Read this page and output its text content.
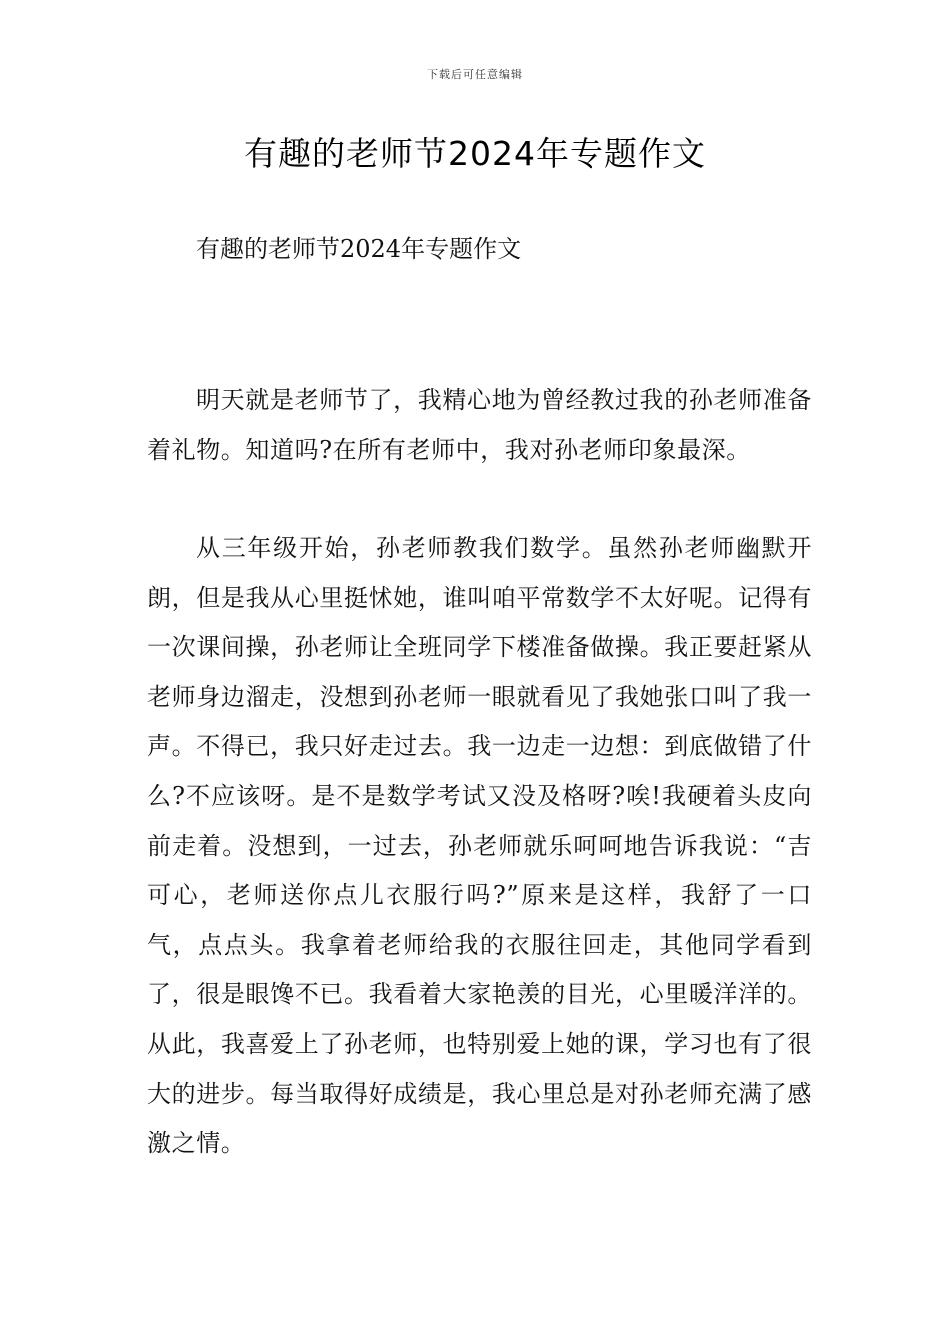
下载后可任意编辑
有趣的老师节2024年专题作文
有趣的老师节2024年专题作文

明天就是老师节了，我精心地为曾经教过我的孙老师准备着礼物。知道吗?在所有老师中，我对孙老师印象最深。

从三年级开始，孙老师教我们数学。虽然孙老师幽默开朗，但是我从心里挺怵她，谁叫咱平常数学不太好呢。记得有一次课间操，孙老师让全班同学下楼准备做操。我正要赶紧从老师身边溜走，没想到孙老师一眼就看见了我她张口叫了我一声。不得已，我只好走过去。我一边走一边想：到底做错了什么?不应该呀。是不是数学考试又没及格呀?唉!我硬着头皮向前走着。没想到，一过去，孙老师就乐呵呵地告诉我说：“吉可心，老师送你点儿衣服行吗?”原来是这样，我舒了一口气，点点头。我拿着老师给我的衣服往回走，其他同学看到了，很是眼馋不已。我看着大家艳羡的目光，心里暖洋洋的。从此，我喜爱上了孙老师，也特别爱上她的课，学习也有了很大的进步。每当取得好成绩是，我心里总是对孙老师充满了感激之情。
